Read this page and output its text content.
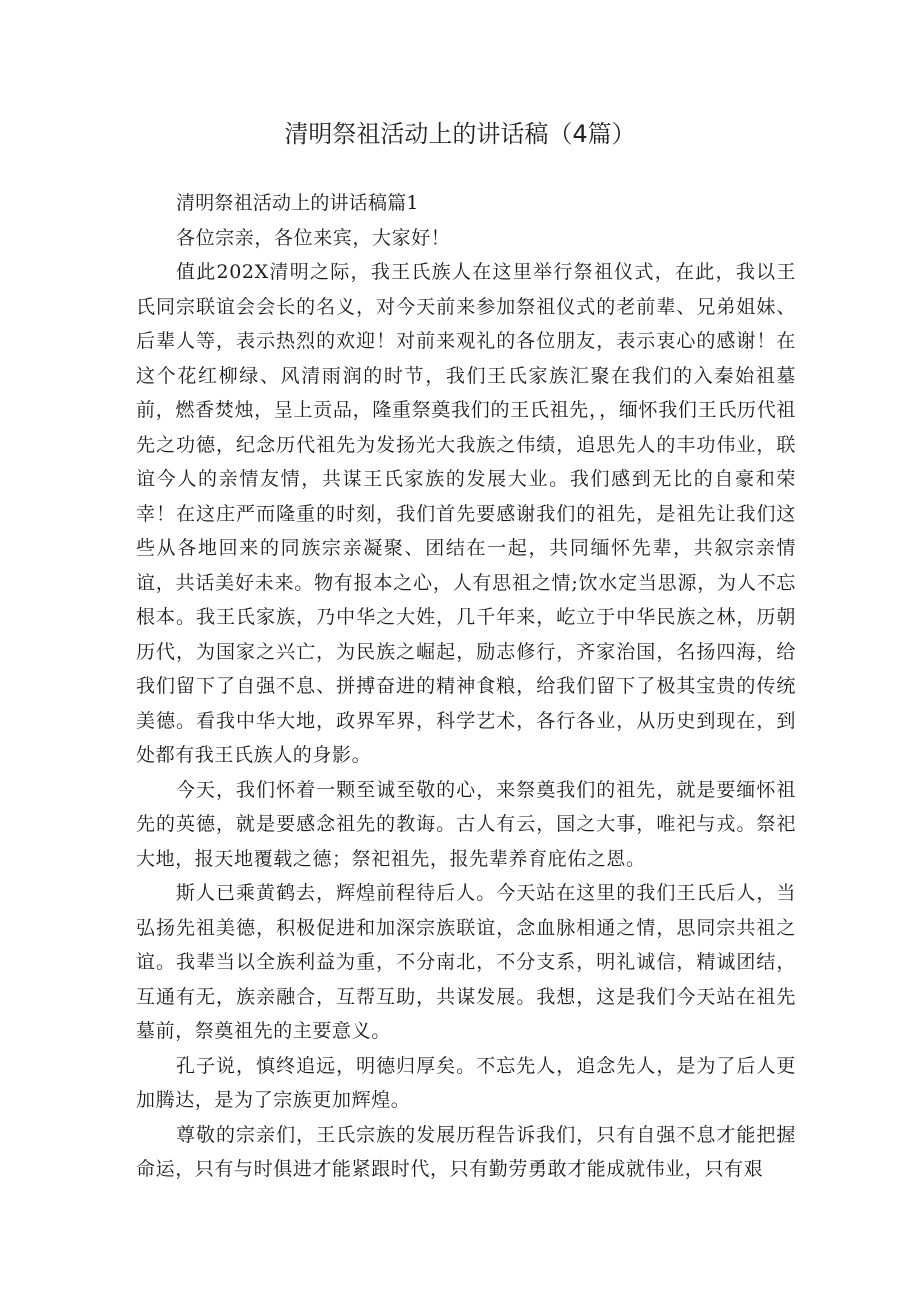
清明祭祖活动上的讲话稿（4篇）

清明祭祖活动上的讲话稿篇1

各位宗亲，各位来宾，大家好！

值此202X清明之际，我王氏族人在这里举行祭祖仪式，在此，我以王氏同宗联谊会会长的名义，对今天前来参加祭祖仪式的老前辈、兄弟姐妹、后辈人等，表示热烈的欢迎！对前来观礼的各位朋友，表示衷心的感谢！在这个花红柳绿、风清雨润的时节，我们王氏家族汇聚在我们的入秦始祖墓前，燃香焚烛，呈上贡品，隆重祭奠我们的王氏祖先，，缅怀我们王氏历代祖先之功德，纪念历代祖先为发扬光大我族之伟绩，追思先人的丰功伟业，联谊今人的亲情友情，共谋王氏家族的发展大业。我们感到无比的自豪和荣幸！在这庄严而隆重的时刻，我们首先要感谢我们的祖先，是祖先让我们这些从各地回来的同族宗亲凝聚、团结在一起，共同缅怀先辈，共叙宗亲情谊，共话美好未来。物有报本之心，人有思祖之情;饮水定当思源，为人不忘根本。我王氏家族，乃中华之大姓，几千年来，屹立于中华民族之林，历朝历代，为国家之兴亡，为民族之崛起，励志修行，齐家治国，名扬四海，给我们留下了自强不息、拼搏奋进的精神食粮，给我们留下了极其宝贵的传统美德。看我中华大地，政界军界，科学艺术，各行各业，从历史到现在，到处都有我王氏族人的身影。

今天，我们怀着一颗至诚至敬的心，来祭奠我们的祖先，就是要缅怀祖先的英德，就是要感念祖先的教诲。古人有云，国之大事，唯祀与戎。祭祀大地，报天地覆载之德；祭祀祖先，报先辈养育庇佑之恩。

斯人已乘黄鹤去，辉煌前程待后人。今天站在这里的我们王氏后人，当弘扬先祖美德，积极促进和加深宗族联谊，念血脉相通之情，思同宗共祖之谊。我辈当以全族利益为重，不分南北，不分支系，明礼诚信，精诚团结，互通有无，族亲融合，互帮互助，共谋发展。我想，这是我们今天站在祖先墓前，祭奠祖先的主要意义。

孔子说，慎终追远，明德归厚矣。不忘先人，追念先人，是为了后人更加腾达，是为了宗族更加辉煌。

尊敬的宗亲们，王氏宗族的发展历程告诉我们，只有自强不息才能把握命运，只有与时俱进才能紧跟时代，只有勤劳勇敢才能成就伟业，只有艰
